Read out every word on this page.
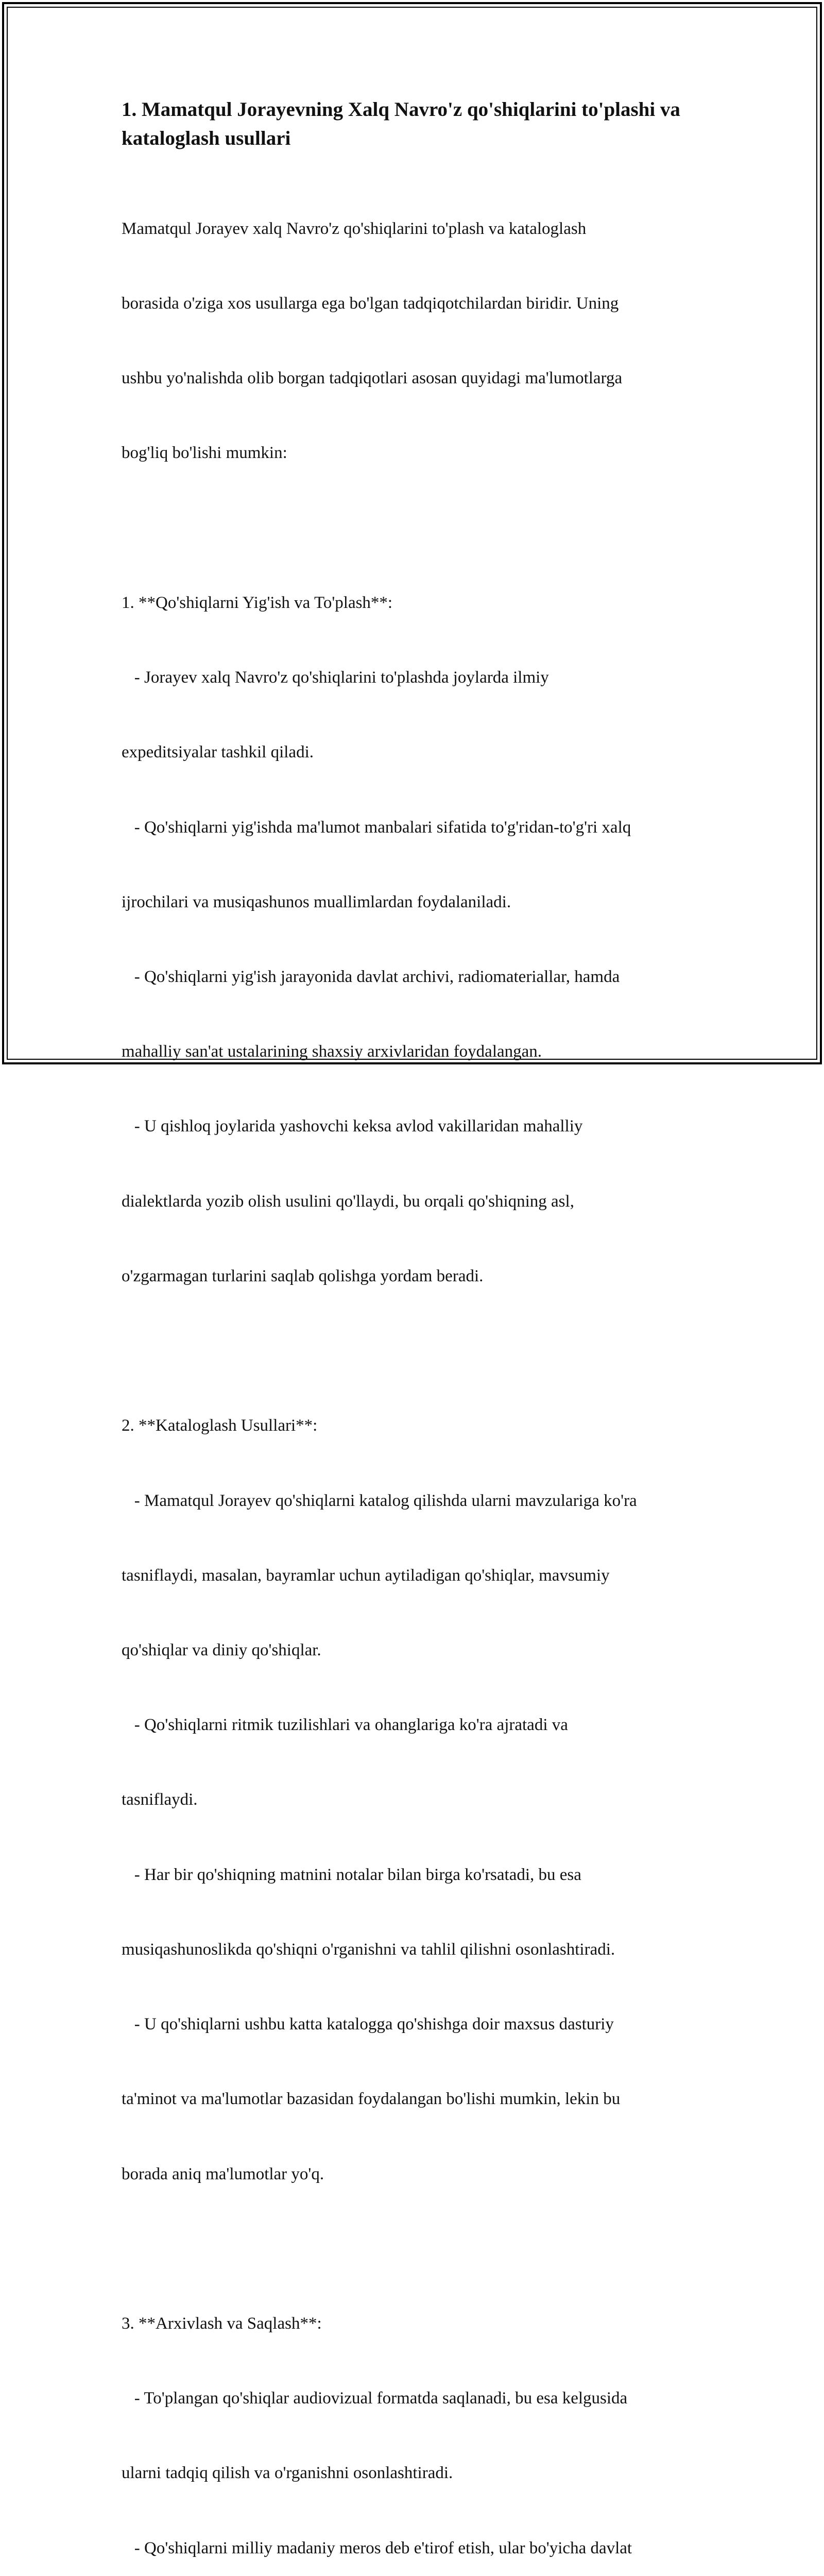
1. Mamatqul Jorayevning Xalq Navro'z qo'shiqlarini to'plashi va kataloglash usullari

Mamatqul Jorayev xalq Navro'z qo'shiqlarini to'plash va kataloglash

borasida o'ziga xos usullarga ega bo'lgan tadqiqotchilardan biridir. Uning

ushbu yo'nalishda olib borgan tadqiqotlari asosan quyidagi ma'lumotlarga

bog'liq bo'lishi mumkin:

1. **Qo'shiqlarni Yig'ish va To'plash**:

- Jorayev xalq Navro'z qo'shiqlarini to'plashda joylarda ilmiy

expeditsiyalar tashkil qiladi.

- Qo'shiqlarni yig'ishda ma'lumot manbalari sifatida to'g'ridan-to'g'ri xalq

ijrochilari va musiqashunos muallimlardan foydalaniladi.

- Qo'shiqlarni yig'ish jarayonida davlat archivi, radiomateriallar, hamda

mahalliy san'at ustalarining shaxsiy arxivlaridan foydalangan.

- U qishloq joylarida yashovchi keksa avlod vakillaridan mahalliy

dialektlarda yozib olish usulini qo'llaydi, bu orqali qo'shiqning asl,

o'zgarmagan turlarini saqlab qolishga yordam beradi.

2. **Kataloglash Usullari**:

- Mamatqul Jorayev qo'shiqlarni katalog qilishda ularni mavzulariga ko'ra

tasniflaydi, masalan, bayramlar uchun aytiladigan qo'shiqlar, mavsumiy

qo'shiqlar va diniy qo'shiqlar.

- Qo'shiqlarni ritmik tuzilishlari va ohanglariga ko'ra ajratadi va

tasniflaydi.

- Har bir qo'shiqning matnini notalar bilan birga ko'rsatadi, bu esa

musiqashunoslikda qo'shiqni o'rganishni va tahlil qilishni osonlashtiradi.

- U qo'shiqlarni ushbu katta katalogga qo'shishga doir maxsus dasturiy

ta'minot va ma'lumotlar bazasidan foydalangan bo'lishi mumkin, lekin bu

borada aniq ma'lumotlar yo'q.

3. **Arxivlash va Saqlash**:

- To'plangan qo'shiqlar audiovizual formatda saqlanadi, bu esa kelgusida

ularni tadqiq qilish va o'rganishni osonlashtiradi.

- Qo'shiqlarni milliy madaniy meros deb e'tirof etish, ular bo'yicha davlat
